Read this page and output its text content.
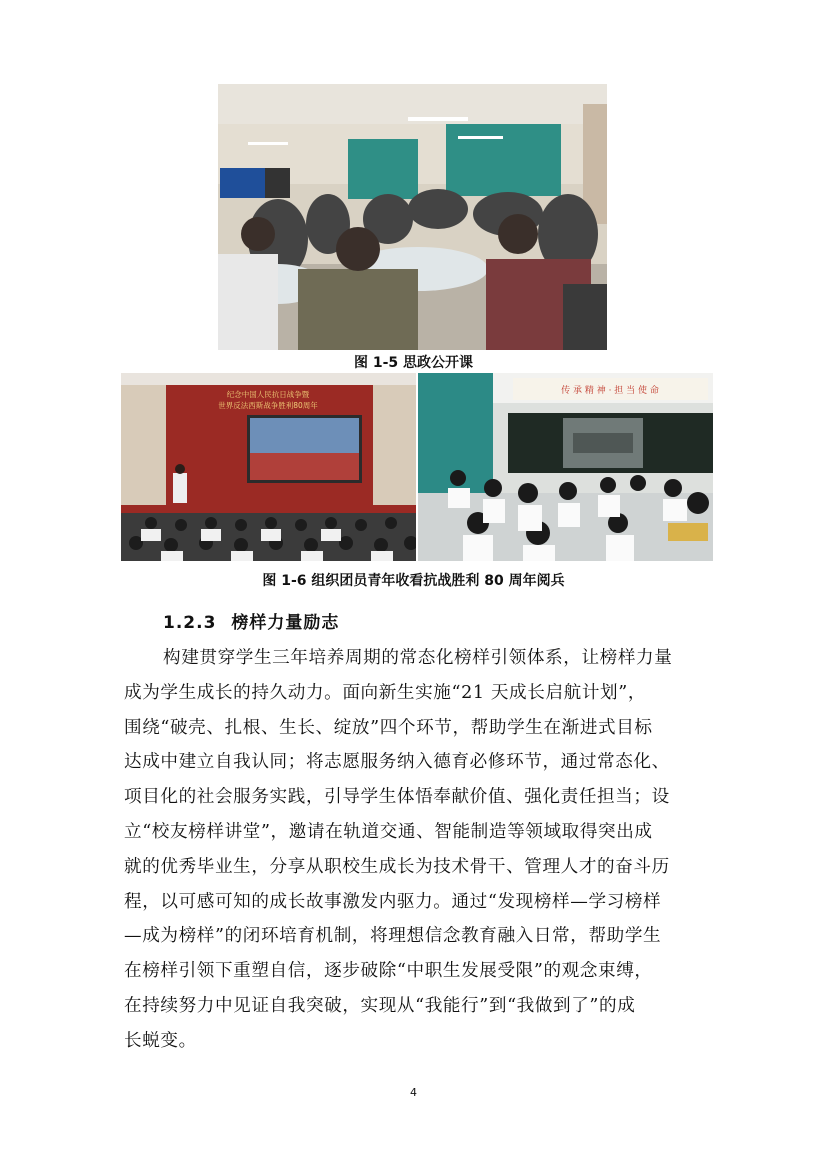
图 1-5 思政公开课
纪念中国人民抗日战争暨
世界反法西斯战争胜利80周年
传 承 精 神 · 担 当 使 命
图 1-6 组织团员青年收看抗战胜利 80 周年阅兵
1.2.3 榜样力量励志
构建贯穿学生三年培养周期的常态化榜样引领体系，让榜样力量
成为学生成长的持久动力。面向新生实施“21 天成长启航计划”，
围绕“破壳、扎根、生长、绽放”四个环节，帮助学生在渐进式目标
达成中建立自我认同；将志愿服务纳入德育必修环节，通过常态化、
项目化的社会服务实践，引导学生体悟奉献价值、强化责任担当；设
立“校友榜样讲堂”，邀请在轨道交通、智能制造等领域取得突出成
就的优秀毕业生，分享从职校生成长为技术骨干、管理人才的奋斗历
程，以可感可知的成长故事激发内驱力。通过“发现榜样—学习榜样
—成为榜样”的闭环培育机制，将理想信念教育融入日常，帮助学生
在榜样引领下重塑自信，逐步破除“中职生发展受限”的观念束缚，
在持续努力中见证自我突破，实现从“我能行”到“我做到了”的成
长蜕变。
4
